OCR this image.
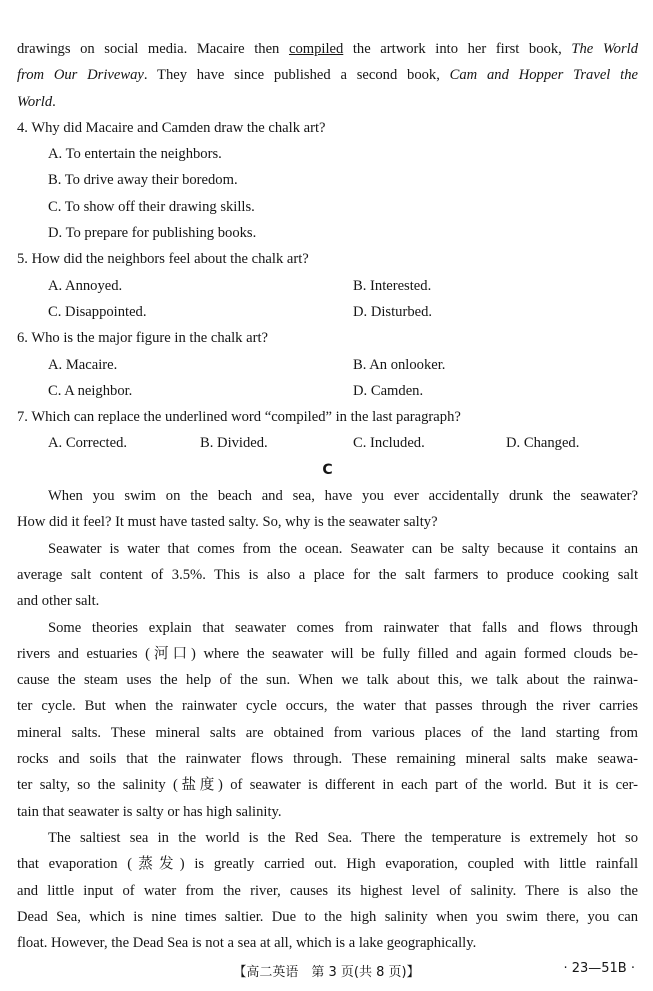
drawings on social media. Macaire then compiled the artwork into her first book, The World
from Our Driveway. They have since published a second book, Cam and Hopper Travel the
World.
4. Why did Macaire and Camden draw the chalk art?
A. To entertain the neighbors.
B. To drive away their boredom.
C. To show off their drawing skills.
D. To prepare for publishing books.
5. How did the neighbors feel about the chalk art?
A. Annoyed.	B. Interested.
C. Disappointed.	D. Disturbed.
6. Who is the major figure in the chalk art?
A. Macaire.	B. An onlooker.
C. A neighbor.	D. Camden.
7. Which can replace the underlined word “compiled” in the last paragraph?
A. Corrected.	B. Divided.	C. Included.	D. Changed.
C
When you swim on the beach and sea, have you ever accidentally drunk the seawater?
How did it feel? It must have tasted salty. So, why is the seawater salty?
Seawater is water that comes from the ocean. Seawater can be salty because it contains an
average salt content of 3.5%. This is also a place for the salt farmers to produce cooking salt
and other salt.
Some theories explain that seawater comes from rainwater that falls and flows through
rivers and estuaries (河口) where the seawater will be fully filled and again formed clouds be-
cause the steam uses the help of the sun. When we talk about this, we talk about the rainwa-
ter cycle. But when the rainwater cycle occurs, the water that passes through the river carries
mineral salts. These mineral salts are obtained from various places of the land starting from
rocks and soils that the rainwater flows through. These remaining mineral salts make seawa-
ter salty, so the salinity (盐度) of seawater is different in each part of the world. But it is cer-
tain that seawater is salty or has high salinity.
The saltiest sea in the world is the Red Sea. There the temperature is extremely hot so
that evaporation (蒸发) is greatly carried out. High evaporation, coupled with little rainfall
and little input of water from the river, causes its highest level of salinity. There is also the
Dead Sea, which is nine times saltier. Due to the high salinity when you swim there, you can
float. However, the Dead Sea is not a sea at all, which is a lake geographically.
【高二英语　第 3 页(共 8 页)】	· 23—51B ·
